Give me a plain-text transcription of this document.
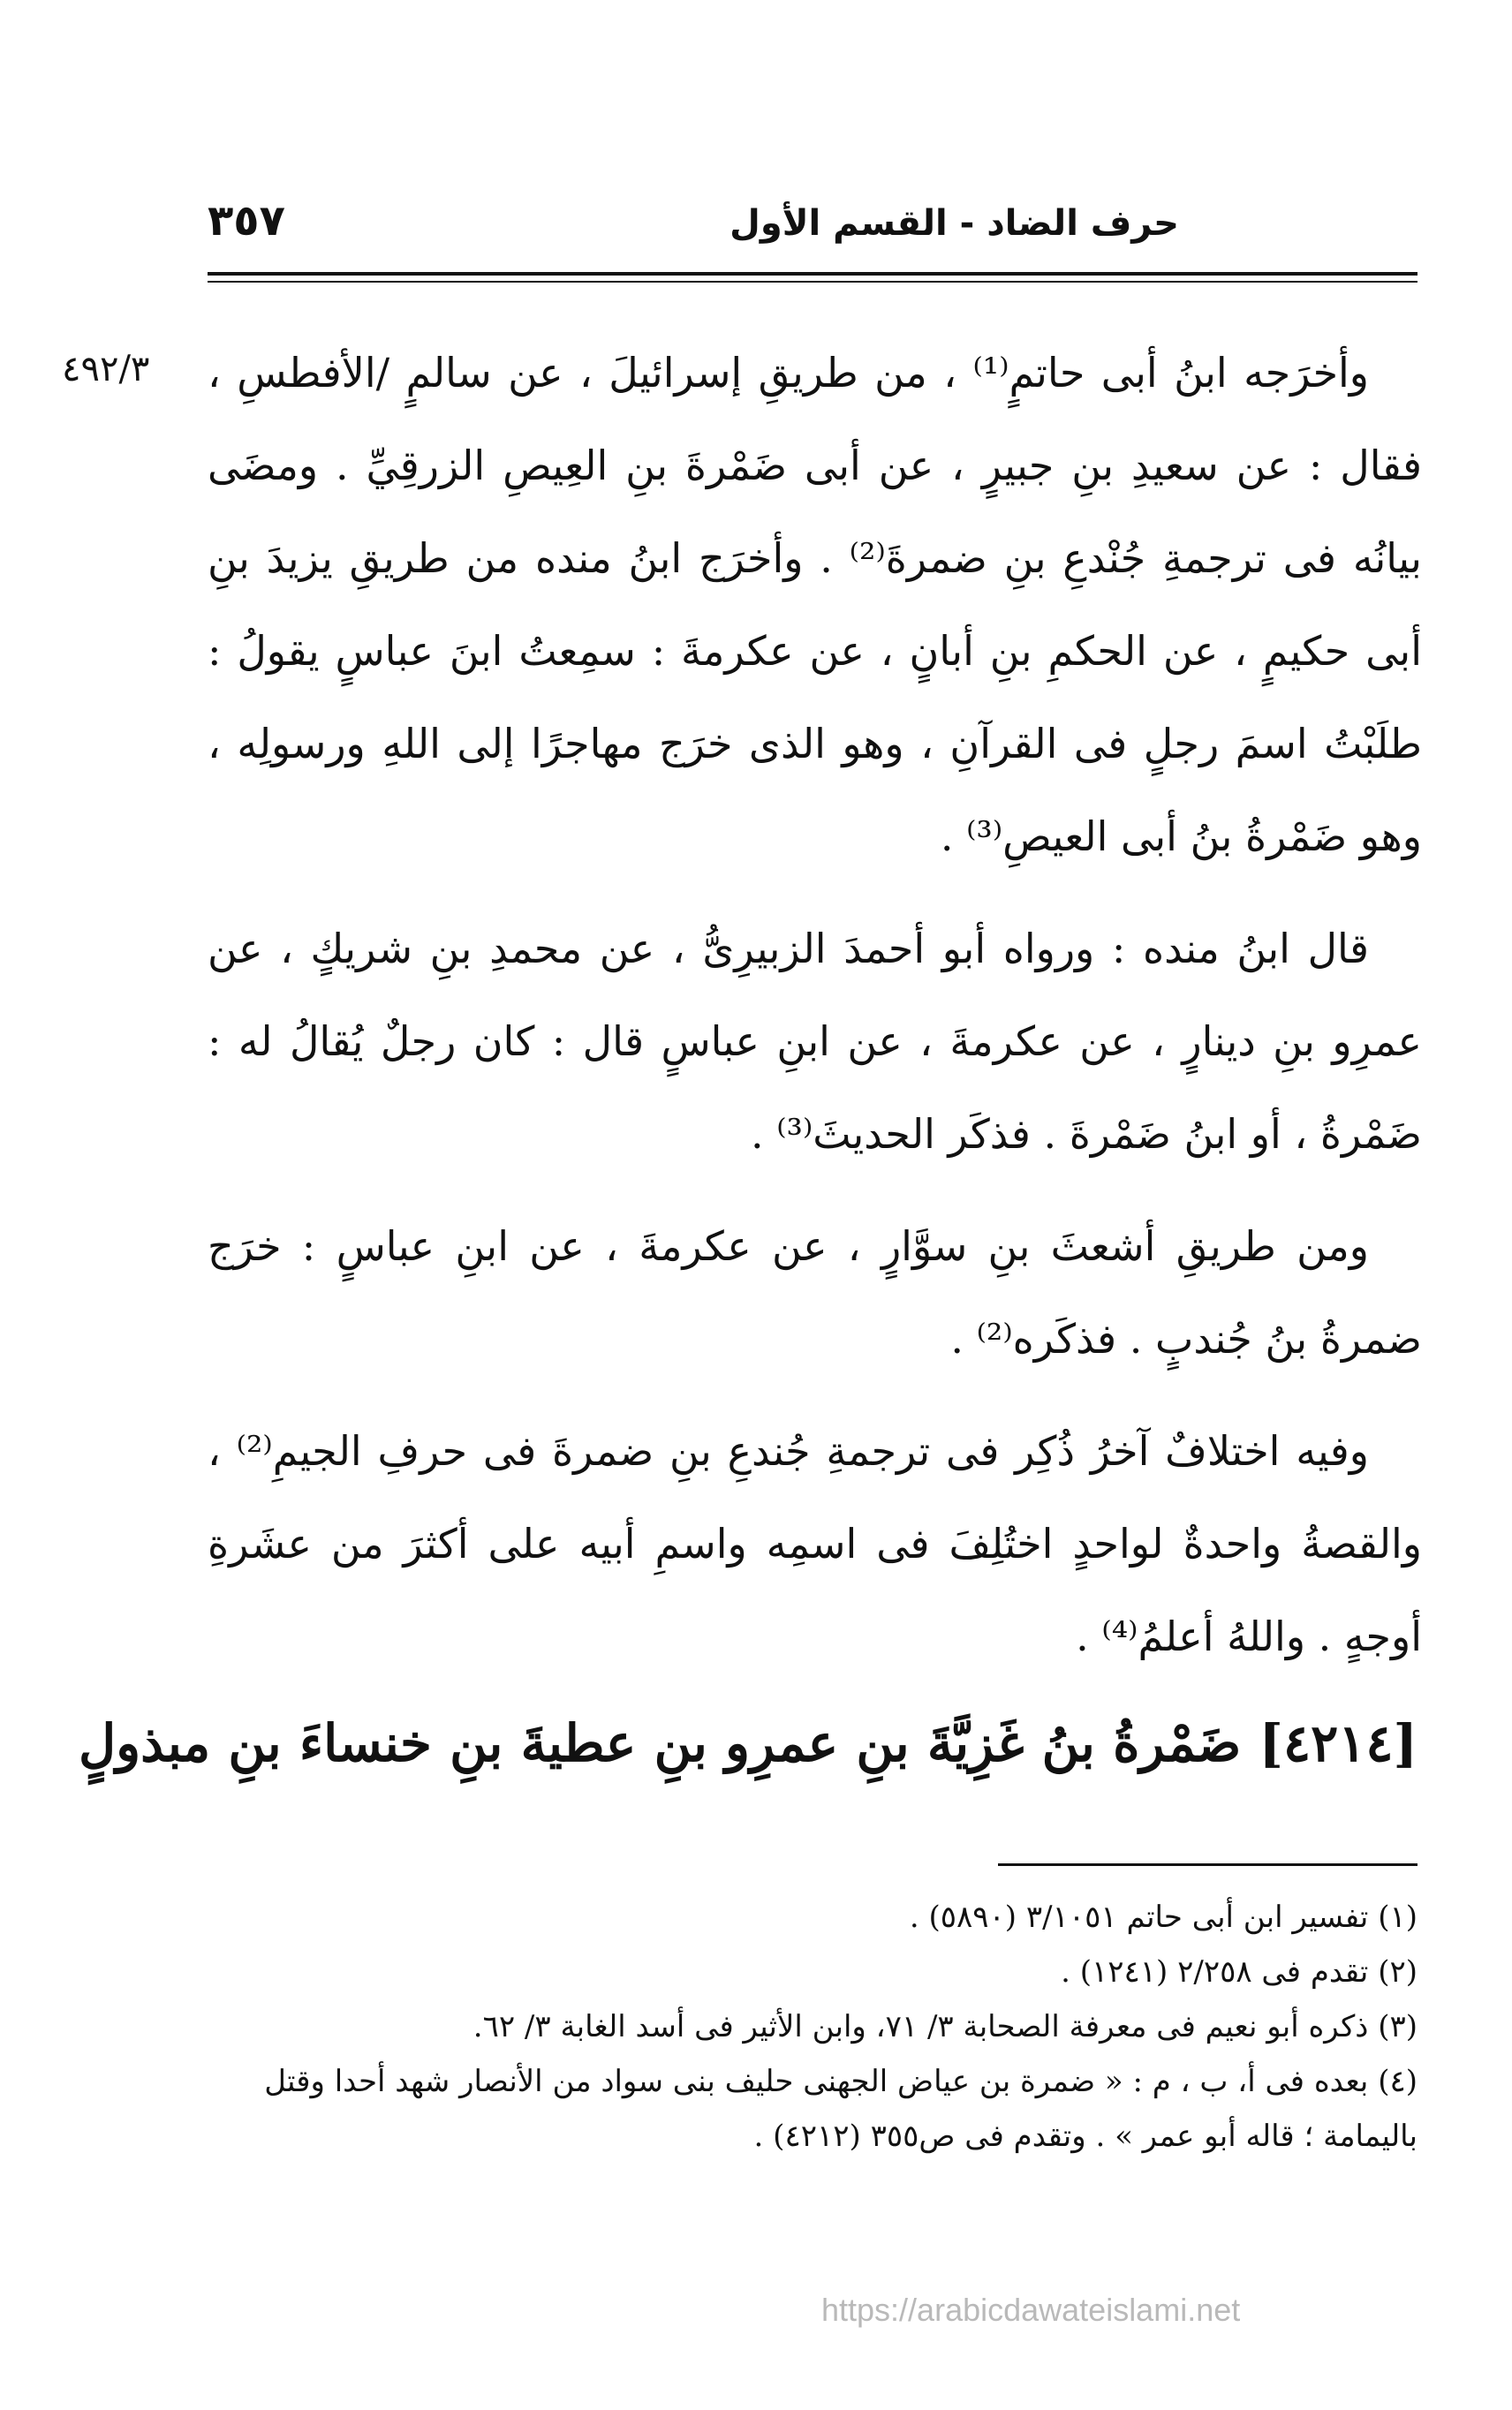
حرف الضاد - القسم الأول
٣٥٧
٤٩٢/٣ وأخرَجه ابنُ أبى حاتمٍ⁽¹⁾ ، من طريقِ إسرائيلَ ، عن سالمٍ /الأفطسِ ، فقال : عن سعيدِ بنِ جبيرٍ ، عن أبى ضَمْرةَ بنِ العِيصِ الزرقِيِّ . ومضَى بيانُه فى ترجمةِ جُنْدعِ بنِ ضمرةَ⁽²⁾ . وأخرَج ابنُ منده من طريقِ يزيدَ بنِ أبى حكيمٍ ، عن الحكمِ بنِ أبانٍ ، عن عكرمةَ : سمِعتُ ابنَ عباسٍ يقولُ : طلَبْتُ اسمَ رجلٍ فى القرآنِ ، وهو الذى خرَج مهاجرًا إلى اللهِ ورسولِه ، وهو ضَمْرةُ بنُ أبى العيصِ⁽³⁾ .

قال ابنُ منده : ورواه أبو أحمدَ الزبيرِىُّ ، عن محمدِ بنِ شريكٍ ، عن عمرِو بنِ دينارٍ ، عن عكرمةَ ، عن ابنِ عباسٍ قال : كان رجلٌ يُقالُ له : ضَمْرةُ ، أو ابنُ ضَمْرةَ . فذكَر الحديثَ⁽³⁾ .

ومن طريقِ أشعثَ بنِ سوَّارٍ ، عن عكرمةَ ، عن ابنِ عباسٍ : خرَج ضمرةُ بنُ جُندبٍ . فذكَره⁽²⁾ .

وفيه اختلافٌ آخرُ ذُكِر فى ترجمةِ جُندعِ بنِ ضمرةَ فى حرفِ الجيمِ⁽²⁾ ، والقصةُ واحدةٌ لواحدٍ اختُلِفَ فى اسمِه واسمِ أبيه على أكثرَ من عشَرةِ أوجهٍ . واللهُ أعلمُ⁽⁴⁾ .

[٤٢١٤] ضَمْرةُ بنُ غَزِيَّةَ بنِ عمرِو بنِ عطيةَ بنِ خنساءَ بنِ مبذولٍ
(١) تفسير ابن أبى حاتم ٣/١٠٥١ (٥٨٩٠) .
(٢) تقدم فى ٢/٢٥٨ (١٢٤١) .
(٣) ذكره أبو نعيم فى معرفة الصحابة ٣/ ٧١، وابن الأثير فى أسد الغابة ٣/ ٦٢.
(٤) بعده فى أ، ب ، م : « ضمرة بن عياض الجهنى حليف بنى سواد من الأنصار شهد أحدا وقتل باليمامة ؛ قاله أبو عمر » . وتقدم فى ص٣٥٥ (٤٢١٢) .
https://arabicdawateislami.net
